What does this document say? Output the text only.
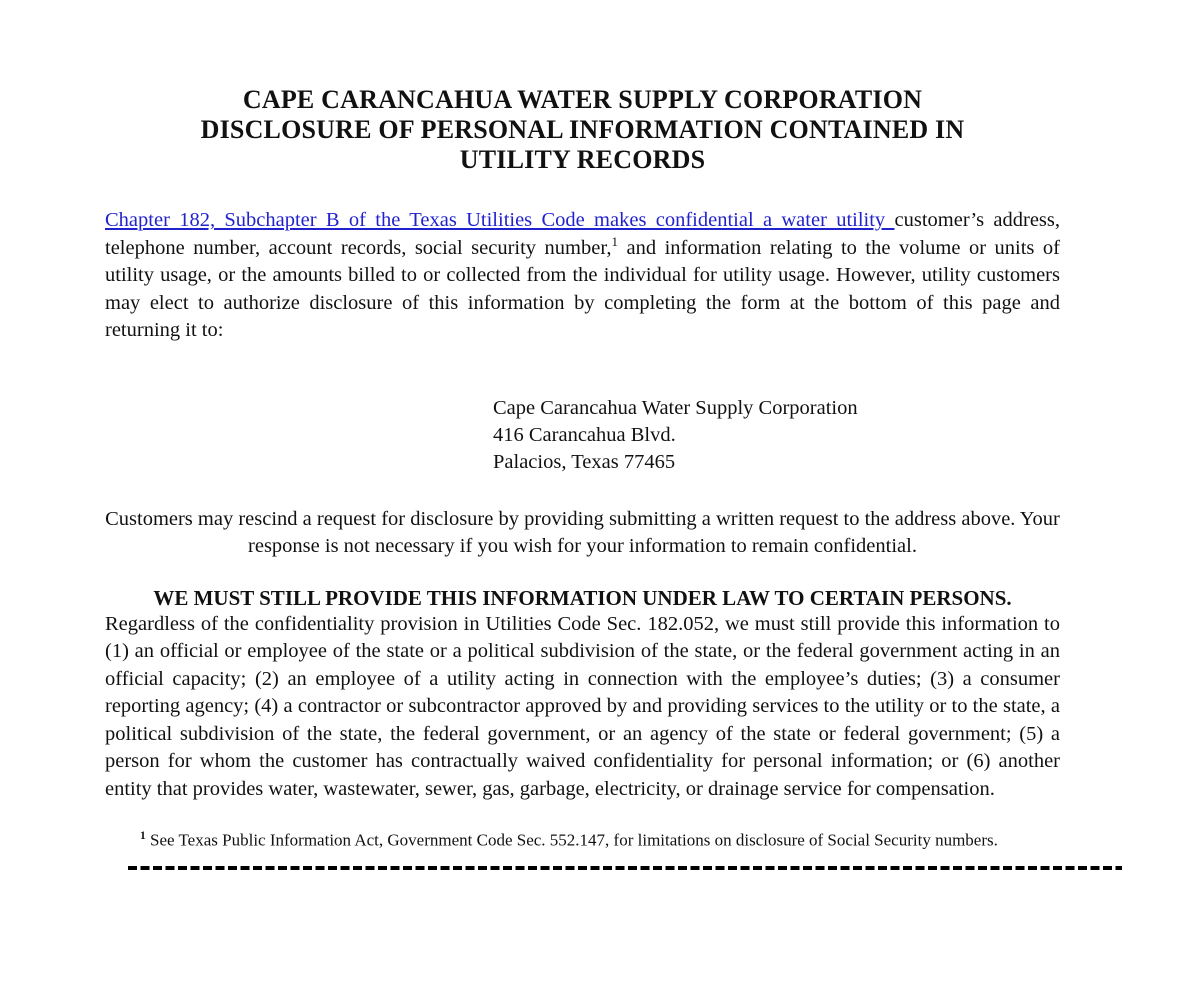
CAPE CARANCAHUA WATER SUPPLY CORPORATION
DISCLOSURE OF PERSONAL INFORMATION CONTAINED IN
UTILITY RECORDS

Chapter 182, Subchapter B of the Texas Utilities Code makes confidential a water utility customer’s address, telephone number, account records, social security number,$^1$ and information relating to the volume or units of utility usage, or the amounts billed to or collected from the individual for utility usage. However, utility customers may elect to authorize disclosure of this information by completing the form at the bottom of this page and returning it to:

Cape Carancahua Water Supply Corporation
416 Carancahua Blvd.
Palacios, Texas 77465

Customers may rescind a request for disclosure by providing submitting a written request to the address above. Your response is not necessary if you wish for your information to remain confidential.

WE MUST STILL PROVIDE THIS INFORMATION UNDER LAW TO CERTAIN PERSONS.

Regardless of the confidentiality provision in Utilities Code Sec. 182.052, we must still provide this information to (1) an official or employee of the state or a political subdivision of the state, or the federal government acting in an official capacity; (2) an employee of a utility acting in connection with the employee’s duties; (3) a consumer reporting agency; (4) a contractor or subcontractor approved by and providing services to the utility or to the state, a political subdivision of the state, the federal government, or an agency of the state or federal government; (5) a person for whom the customer has contractually waived confidentiality for personal information; or (6) another entity that provides water, wastewater, sewer, gas, garbage, electricity, or drainage service for compensation.

$^1$ See Texas Public Information Act, Government Code Sec. 552.147, for limitations on disclosure of Social Security numbers.
